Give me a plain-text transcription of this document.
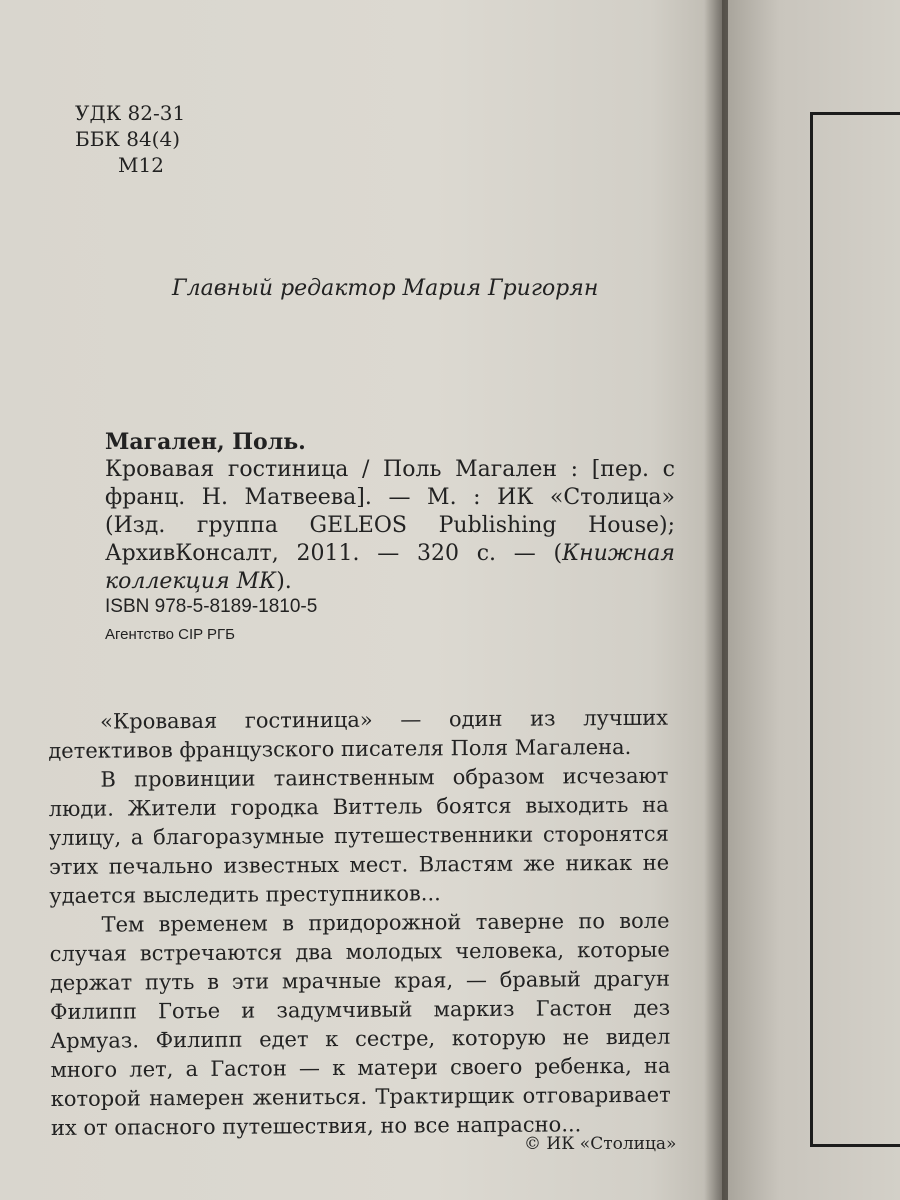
УДК 82-31
ББК 84(4)
М12
Главный редактор Мария Григорян
Магален, Поль.
Кровавая гостиница / Поль Магален : [пер. с франц. Н. Матвеева]. — М. : ИК «Столица» (Изд. группа GELEOS Publishing House); АрхивКонсалт, 2011. — 320 с. — (Книжная коллекция МК).
ISBN 978-5-8189-1810-5
Агентство CIP РГБ

«Кровавая гостиница» — один из лучших детективов французского писателя Поля Магалена.

В провинции таинственным образом исчезают люди. Жители городка Виттель боятся выходить на улицу, а благоразумные путешественники сторонятся этих печально известных мест. Властям же никак не удается выследить преступников...

Тем временем в придорожной таверне по воле случая встречаются два молодых человека, которые держат путь в эти мрачные края, — бравый драгун Филипп Готье и задумчивый маркиз Гастон дез Армуаз. Филипп едет к сестре, которую не видел много лет, а Гастон — к матери своего ребенка, на которой намерен жениться. Трактирщик отговаривает их от опасного путешествия, но все напрасно...

© ИК «Столица»
